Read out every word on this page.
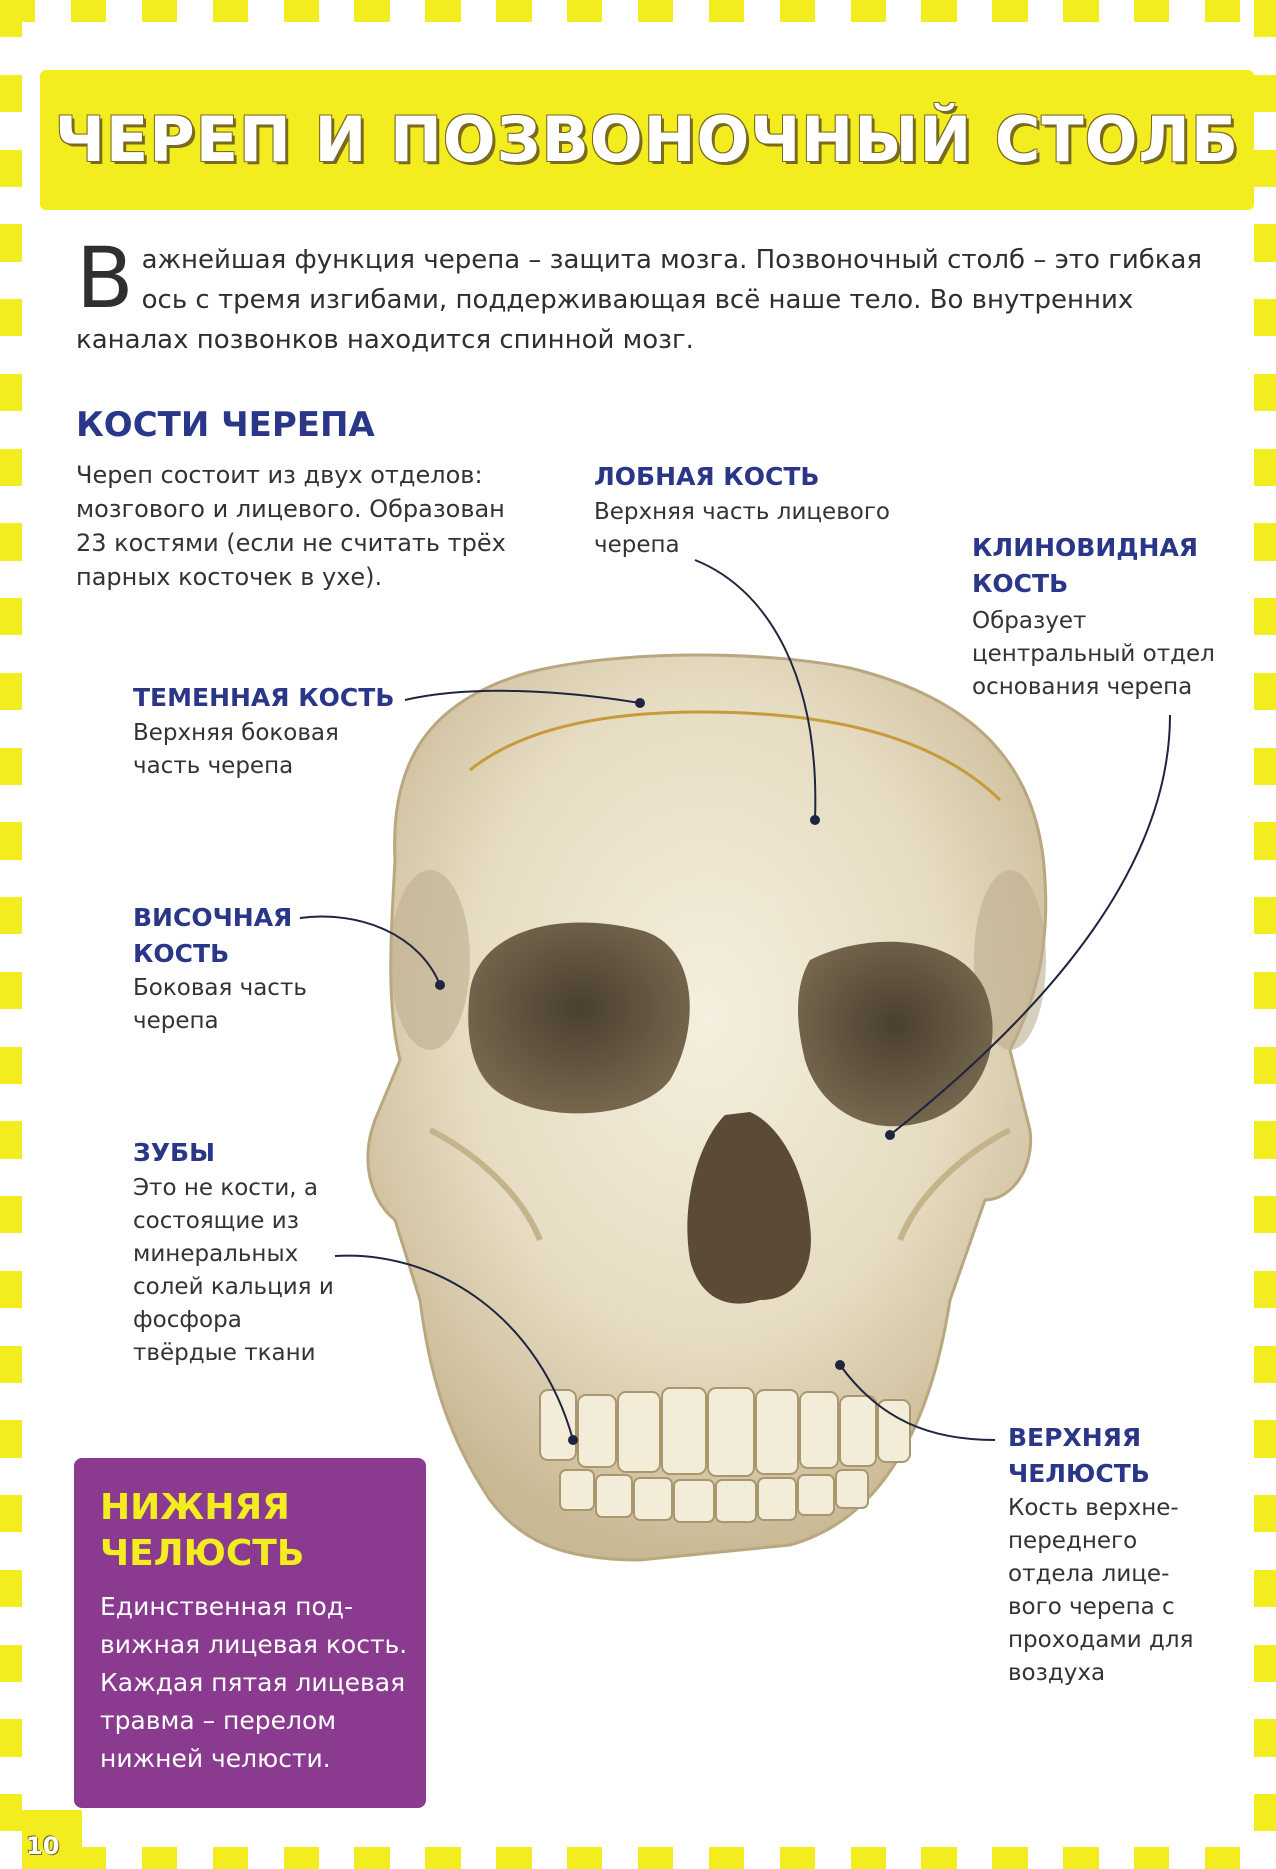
ЧЕРЕП И ПОЗВОНОЧНЫЙ СТОЛБ
В ажнейшая функция черепа – защита мозга. Позвоночный столб – это гибкая ось с тремя изгибами, поддерживающая всё наше тело. Во внутренних каналах позвонков находится спинной мозг.
КОСТИ ЧЕРЕПА
Череп состоит из двух отделов: мозгового и лицевого. Образован 23 костями (если не считать трёх парных косточек в ухе).
ЛОБНАЯ КОСТЬ
Верхняя часть лицевого черепа	КЛИНОВИДНАЯ КОСТЬ
Образует центральный отдел основания черепа
ТЕМЕННАЯ КОСТЬ
Верхняя боковая часть черепа
ВИСОЧНАЯ КОСТЬ
Боковая часть черепа
ЗУБЫ
Это не кости, а состоящие из минеральных солей кальция и фосфора твёрдые ткани
ВЕРХНЯЯ ЧЕЛЮСТЬ
Кость верхне-переднего отдела лице-вого черепа с проходами для воздуха
НИЖНЯЯ ЧЕЛЮСТЬ
Единственная под-вижная лицевая кость. Каждая пятая лицевая травма – перелом нижней челюсти.
10
